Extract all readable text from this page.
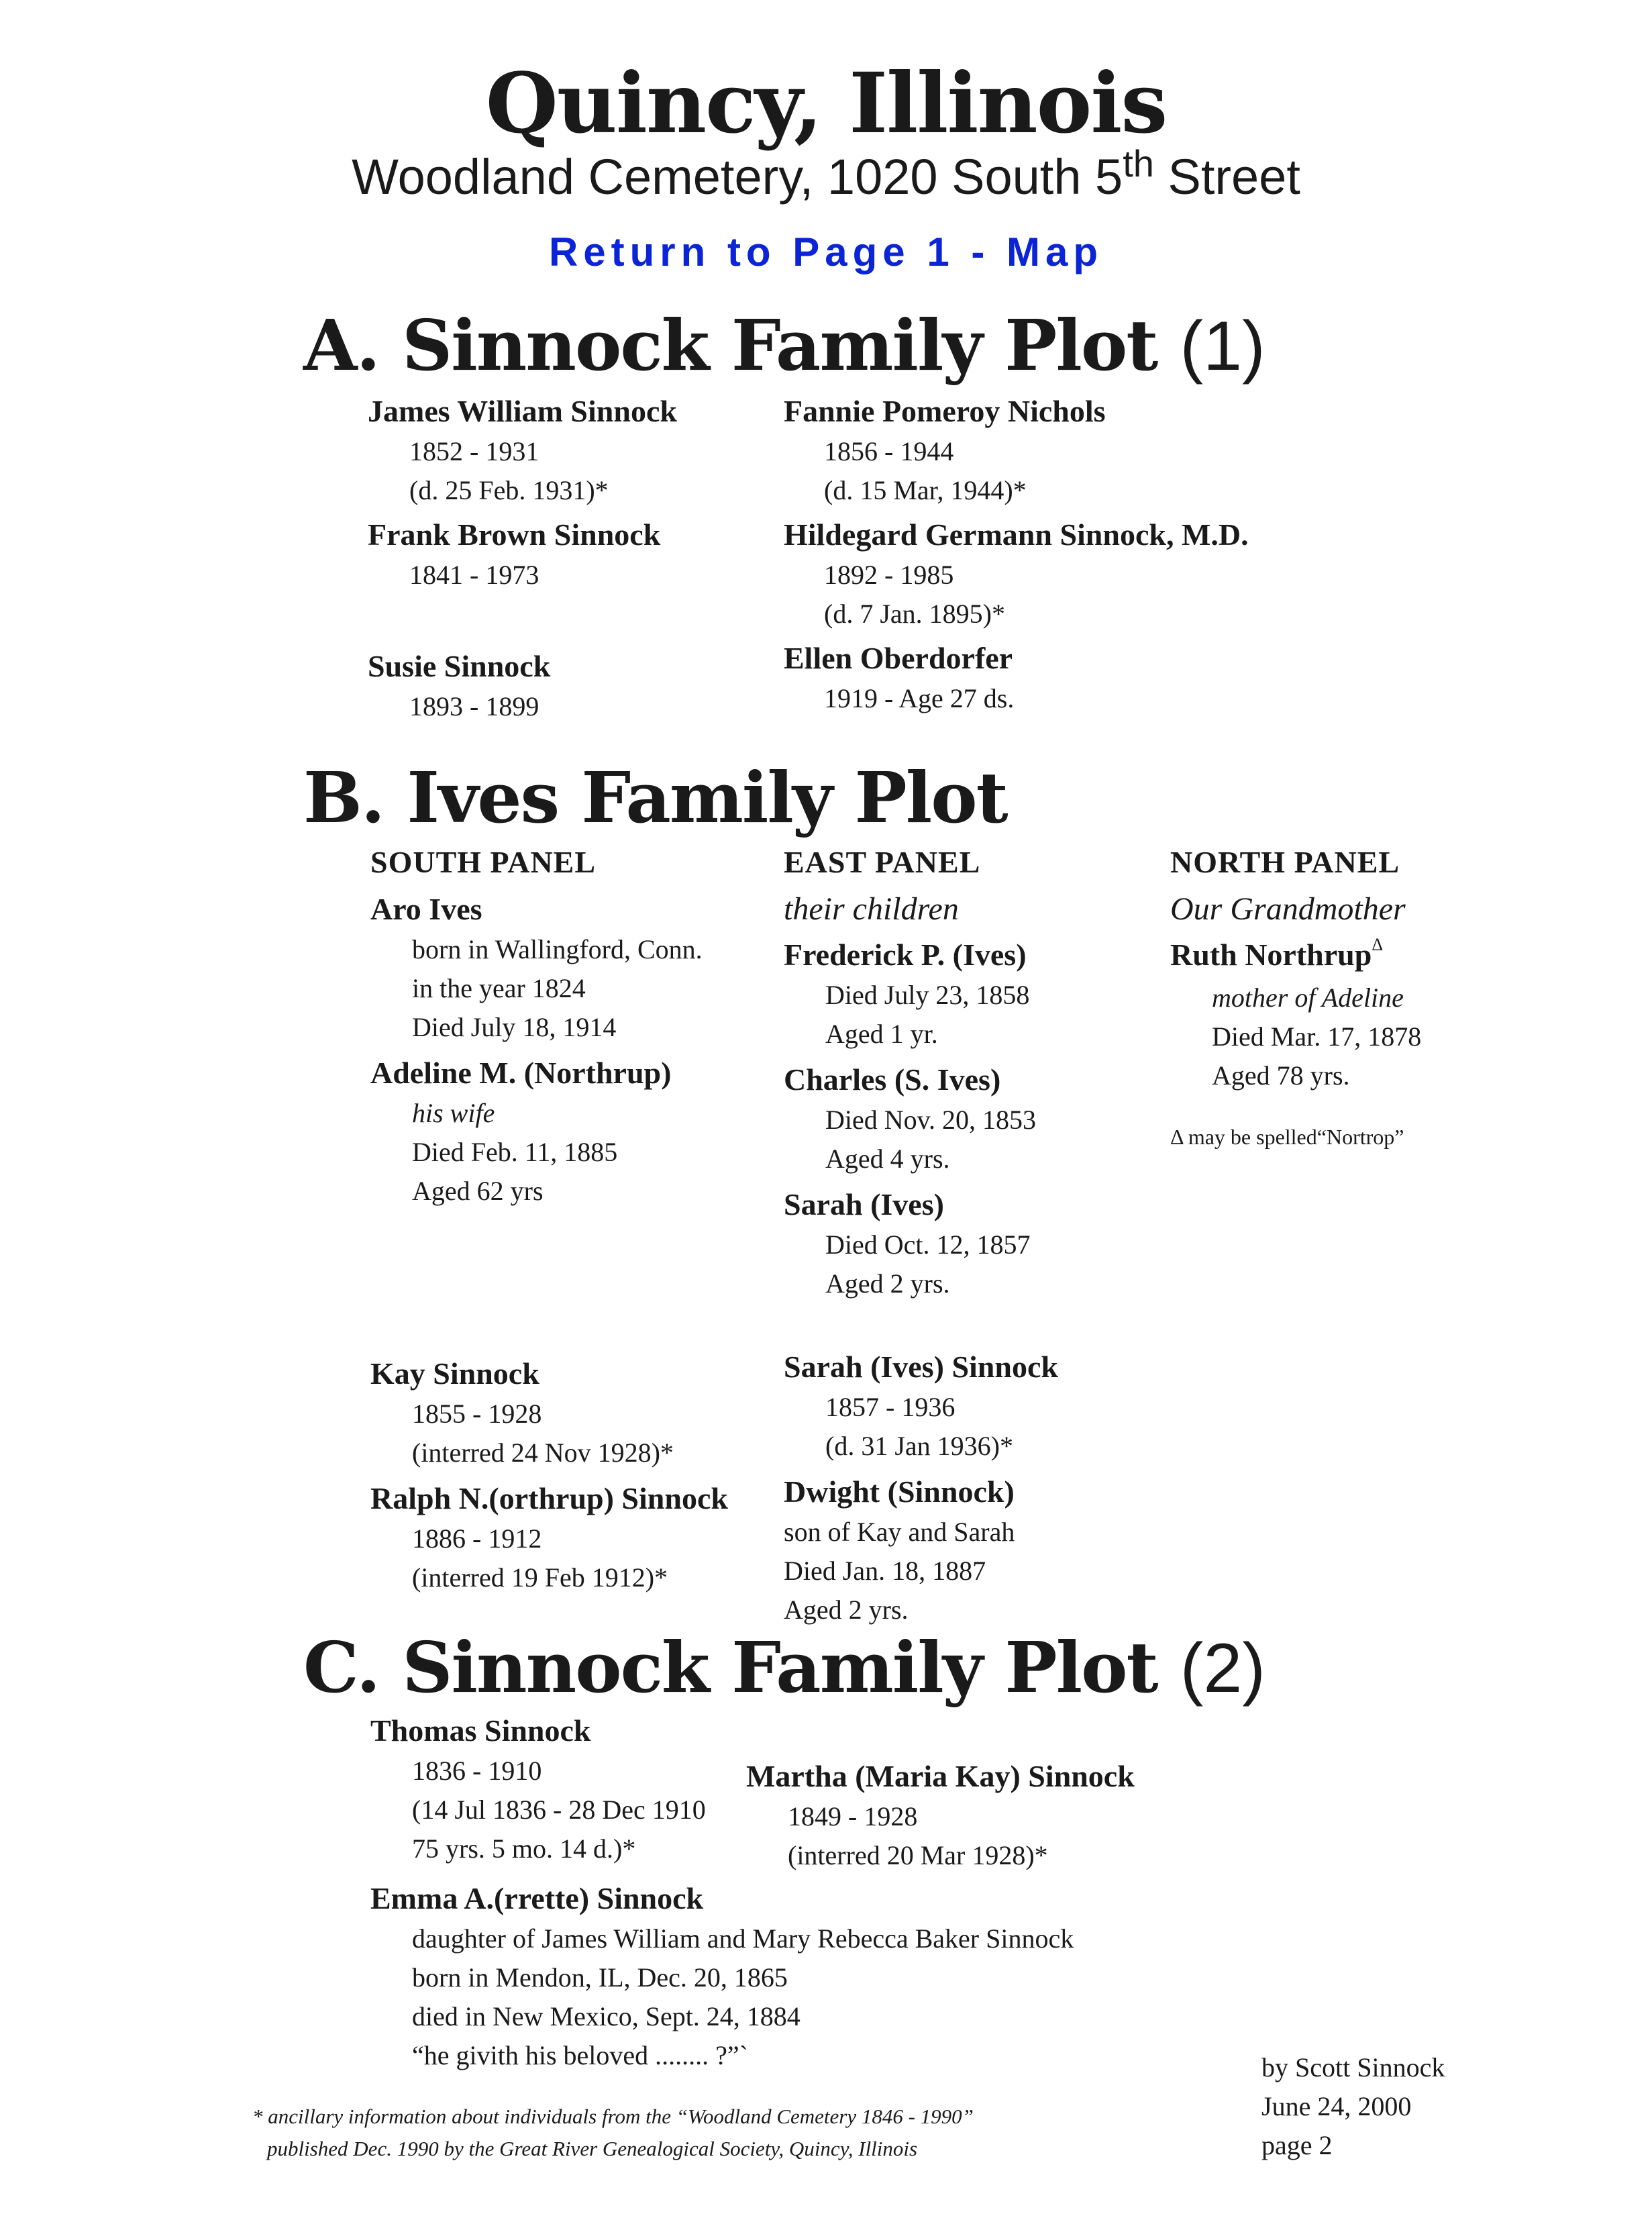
Quincy, Illinois
Woodland Cemetery, 1020 South 5th Street
Return to Page 1 - Map
A. Sinnock Family Plot (1)
James William Sinnock
1852 - 1931
(d. 25 Feb. 1931)*
Fannie Pomeroy Nichols
1856 - 1944
(d. 15 Mar, 1944)*
Frank Brown Sinnock
1841 - 1973
Hildegard Germann Sinnock, M.D.
1892 - 1985
(d. 7 Jan. 1895)*
Susie Sinnock
1893 - 1899
Ellen Oberdorfer
1919 - Age 27 ds.
B. Ives Family Plot
SOUTH PANEL	EAST PANEL	NORTH PANEL
Aro Ives
born in Wallingford, Conn.
in the year 1824
Died July 18, 1914
Adeline M. (Northrup)
his wife
Died Feb. 11, 1885
Aged 62 yrs
their children
Frederick P. (Ives)
Died July 23, 1858
Aged 1 yr.
Charles (S. Ives)
Died Nov. 20, 1853
Aged 4 yrs.
Sarah (Ives)
Died Oct. 12, 1857
Aged 2 yrs.
Our Grandmother
Ruth Northrup$^\Delta$
mother of Adeline
Died Mar. 17, 1878
Aged 78 yrs.
Δ may be spelled“Nortrop”
Kay Sinnock
1855 - 1928
(interred 24 Nov 1928)*
Ralph N.(orthrup) Sinnock
1886 - 1912
(interred 19 Feb 1912)*
Sarah (Ives) Sinnock
1857 - 1936
(d. 31 Jan 1936)*
Dwight (Sinnock)
son of Kay and Sarah
Died Jan. 18, 1887
Aged 2 yrs.
C. Sinnock Family Plot (2)
Thomas Sinnock
1836 - 1910
(14 Jul 1836 - 28 Dec 1910
75 yrs. 5 mo. 14 d.)*
Martha (Maria Kay) Sinnock
1849 - 1928
(interred 20 Mar 1928)*
Emma A.(rrette) Sinnock
daughter of James William and Mary Rebecca Baker Sinnock
born in Mendon, IL, Dec. 20, 1865
died in New Mexico, Sept. 24, 1884
“he givith his beloved ........ ?”`
* ancillary information about individuals from the “Woodland Cemetery 1846 - 1990”
published Dec. 1990 by the Great River Genealogical Society, Quincy, Illinois
by Scott Sinnock
June 24, 2000
page 2
